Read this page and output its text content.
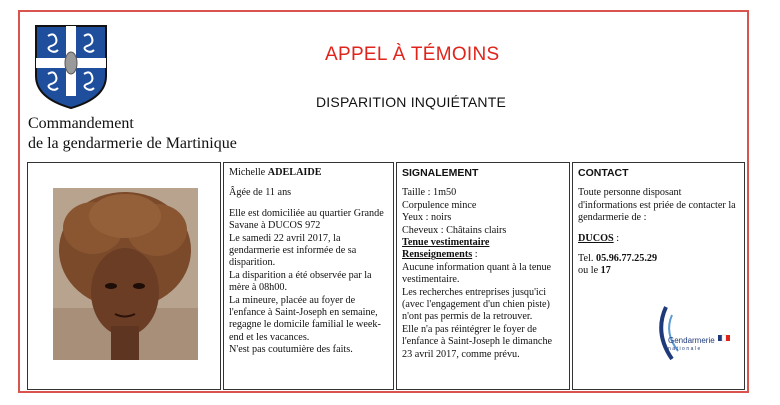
Commandement
de la gendarmerie de Martinique
APPEL À TÉMOINS
DISPARITION INQUIÉTANTE

Michelle ADELAIDE

Âgée de 11 ans

Elle est domiciliée au quartier Grande Savane à DUCOS 972

Le samedi 22 avril 2017, la gendarmerie est informée de sa disparition.

La disparition a été observée par la mère à 08h00.

La mineure, placée au foyer de l'enfance à Saint-Joseph en semaine, regagne le domicile familial le week-end et les vacances.

N'est pas coutumière des faits.

SIGNALEMENT

Taille : 1m50

Corpulence mince

Yeux : noirs

Cheveux : Châtains clairs

Tenue vestimentaire

Renseignements :

Aucune information quant à la tenue vestimentaire.

Les recherches entreprises jusqu'ici (avec l'engagement d'un chien piste) n'ont pas permis de la retrouver.

Elle n'a pas réintégrer le foyer de l'enfance à Saint-Joseph le dimanche 23 avril 2017, comme prévu.

CONTACT

Toute personne disposant d'informations est priée de contacter la gendarmerie de :

DUCOS :

Tel. 05.96.77.25.29

ou le 17

Gendarmerie
nationale
